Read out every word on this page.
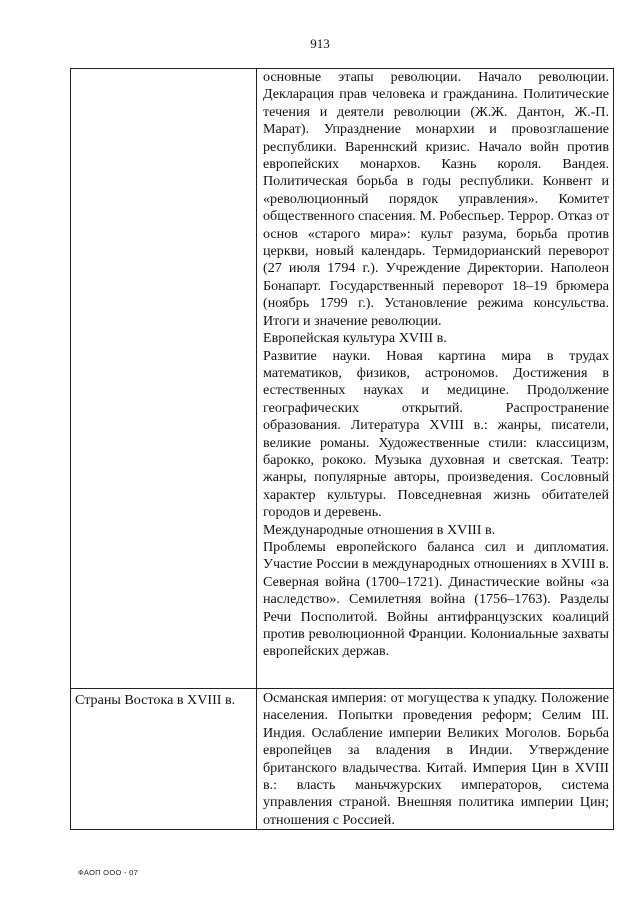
913

основные этапы революции. Начало революции. Декларация прав человека и гражданина. Политические течения и деятели революции (Ж.Ж. Дантон, Ж.-П. Марат). Упразднение монархии и провозглашение республики. Вареннский кризис. Начало войн против европейских монархов. Казнь короля. Вандея. Политическая борьба в годы республики. Конвент и «революционный порядок управления». Комитет общественного спасения. М. Робеспьер. Террор. Отказ от основ «старого мира»: культ разума, борьба против церкви, новый календарь. Термидорианский переворот (27 июля 1794 г.). Учреждение Директории. Наполеон Бонапарт. Государственный переворот 18–19 брюмера (ноябрь 1799 г.). Установление режима консульства. Итоги и значение революции.

Европейская культура XVIII в.

Развитие науки. Новая картина мира в трудах математиков, физиков, астрономов. Достижения в естественных науках и медицине. Продолжение географических открытий. Распространение образования. Литература XVIII в.: жанры, писатели, великие романы. Художественные стили: классицизм, барокко, рококо. Музыка духовная и светская. Театр: жанры, популярные авторы, произведения. Сословный характер культуры. Повседневная жизнь обитателей городов и деревень.

Международные отношения в XVIII в.

Проблемы европейского баланса сил и дипломатия. Участие России в международных отношениях в XVIII в. Северная война (1700–1721). Династические войны «за наследство». Семилетняя война (1756–1763). Разделы Речи Посполитой. Войны антифранцузских коалиций против революционной Франции. Колониальные захваты европейских держав.

Страны Востока в XVIII в.	Османская империя: от могущества к упадку. Положение населения. Попытки проведения реформ; Селим III. Индия. Ослабление империи Великих Моголов. Борьба европейцев за владения в Индии. Утверждение британского владычества. Китай. Империя Цин в XVIII в.: власть маньчжурских императоров, система управления страной. Внешняя политика империи Цин; отношения с Россией.

ФАОП ООО - 07
